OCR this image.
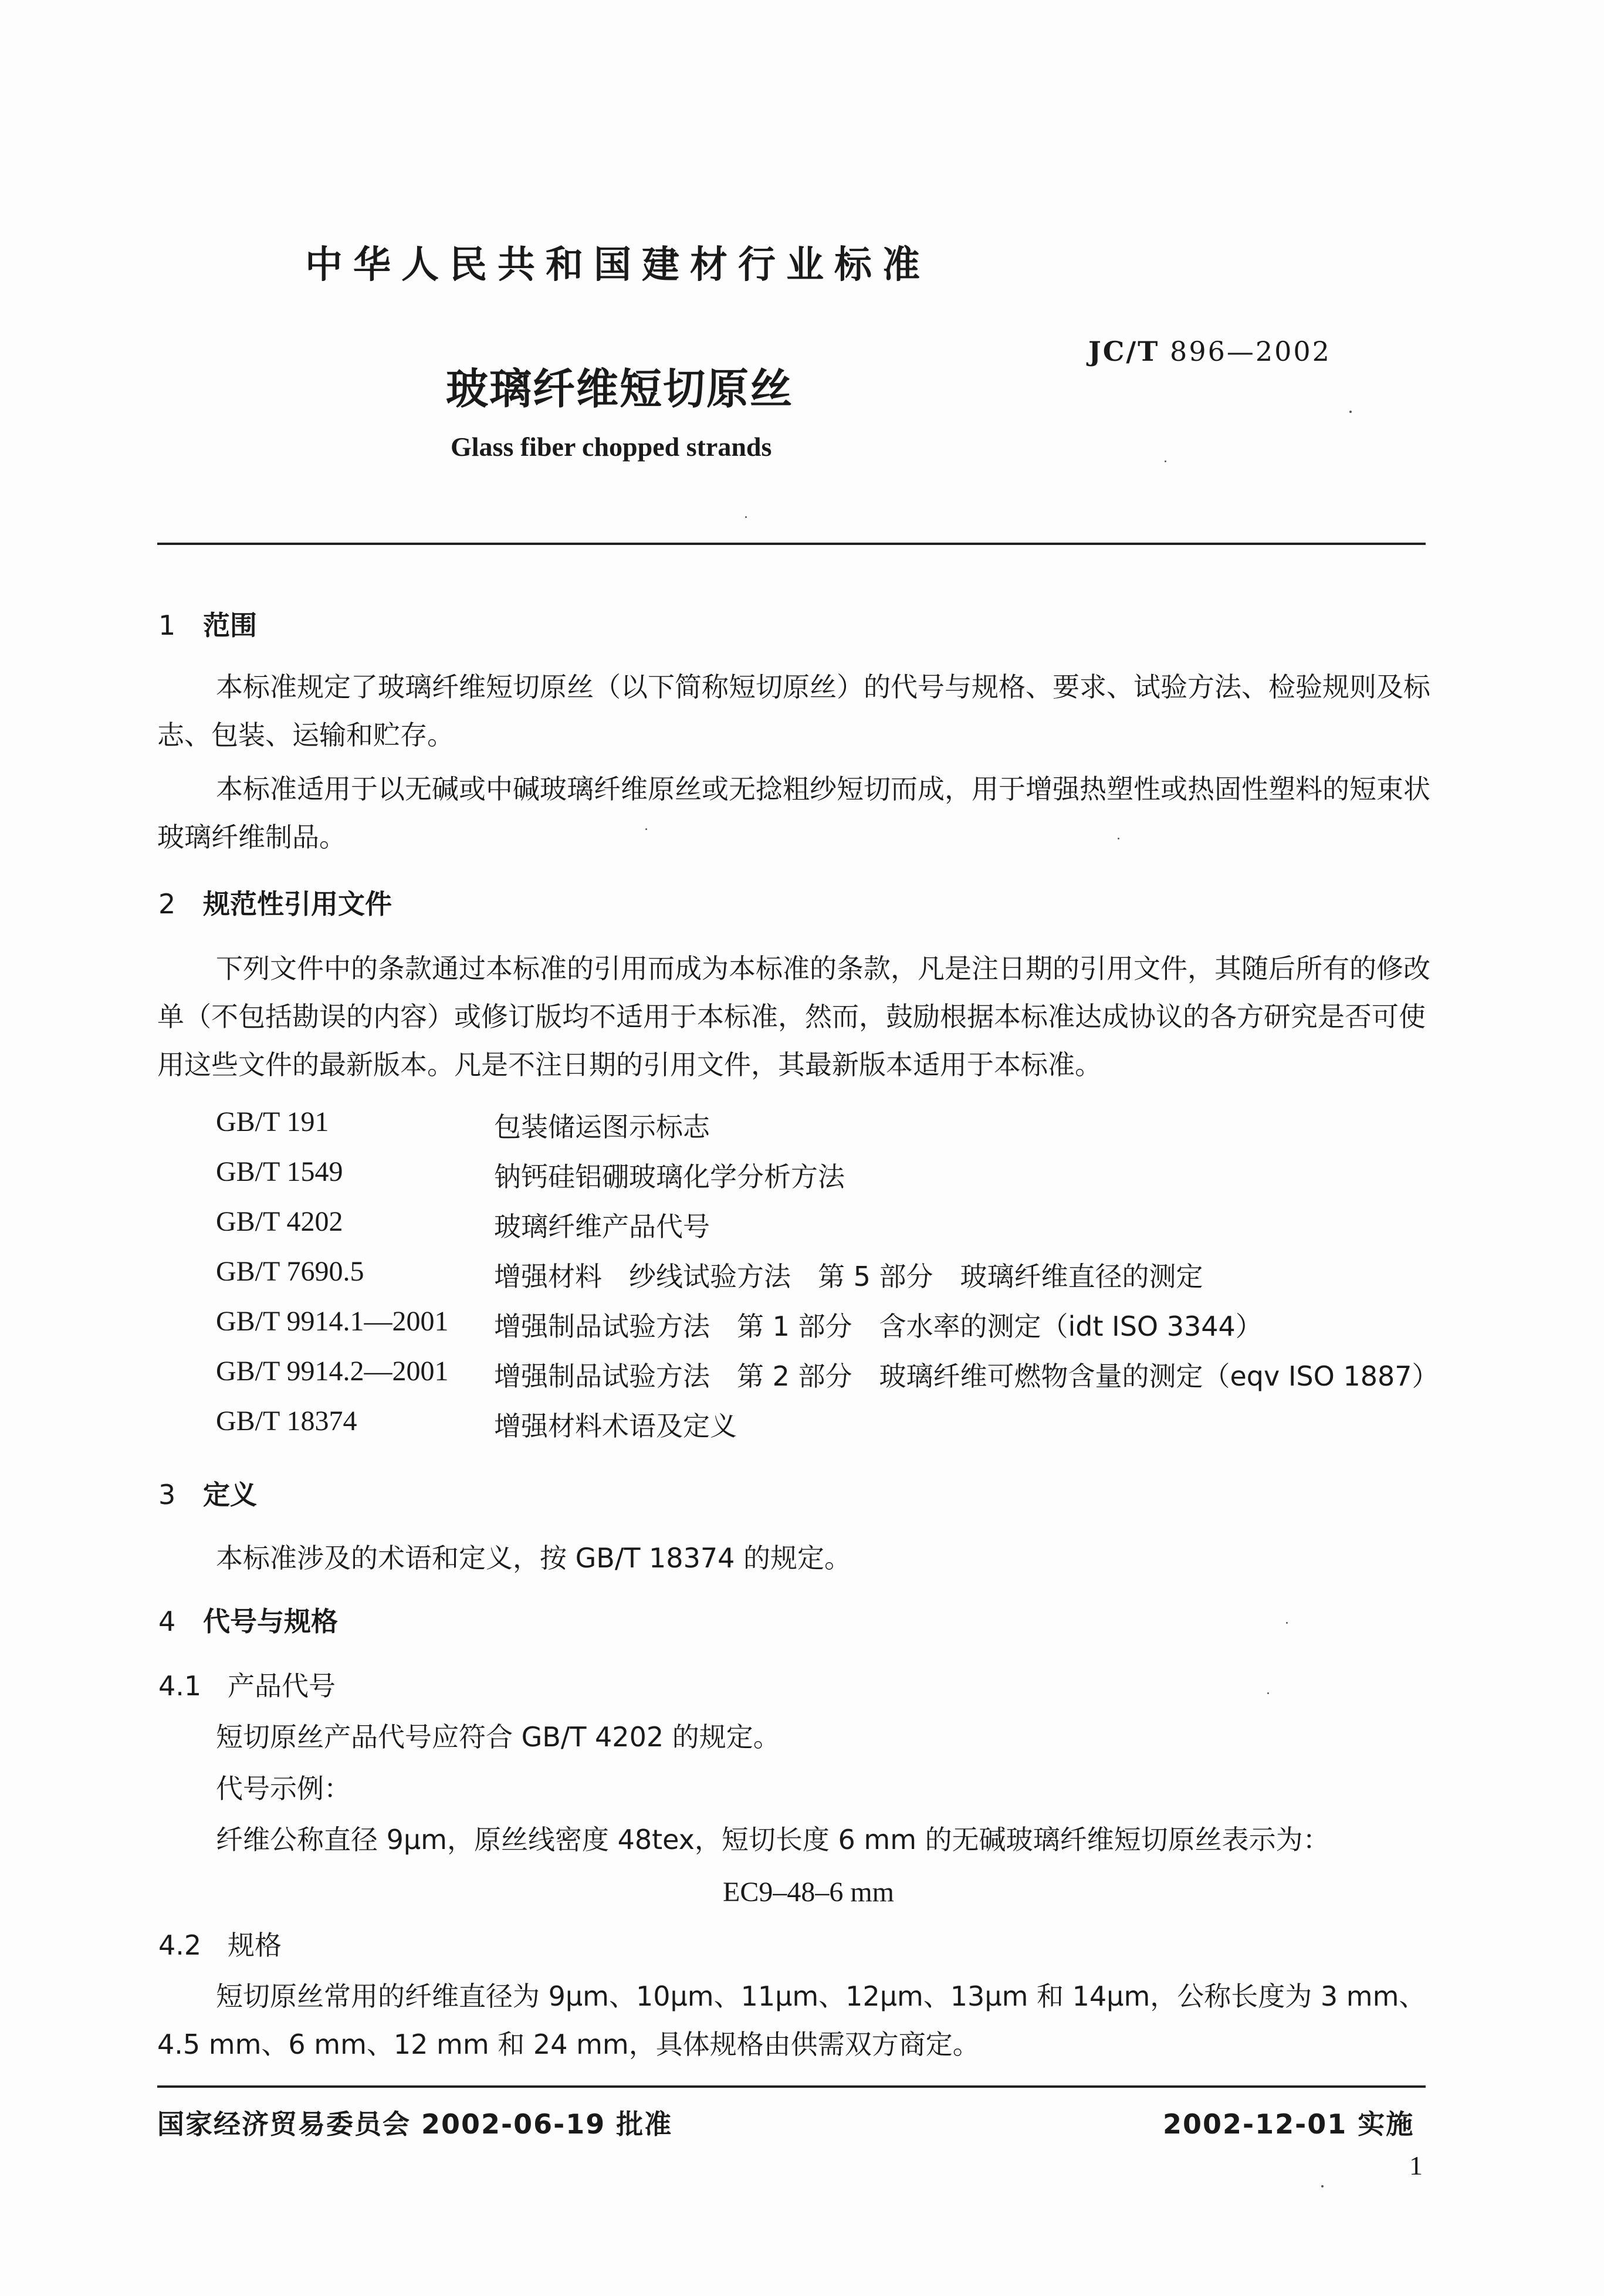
中华人民共和国建材行业标准
JC/T 896—2002
玻璃纤维短切原丝
Glass fiber chopped strands
1 范围
本标准规定了玻璃纤维短切原丝（以下简称短切原丝）的代号与规格、要求、试验方法、检验规则及标志、包装、运输和贮存。
本标准适用于以无碱或中碱玻璃纤维原丝或无捻粗纱短切而成，用于增强热塑性或热固性塑料的短束状玻璃纤维制品。
2 规范性引用文件
下列文件中的条款通过本标准的引用而成为本标准的条款，凡是注日期的引用文件，其随后所有的修改单（不包括勘误的内容）或修订版均不适用于本标准，然而，鼓励根据本标准达成协议的各方研究是否可使用这些文件的最新版本。凡是不注日期的引用文件，其最新版本适用于本标准。
GB/T 191	包装储运图示标志
GB/T 1549	钠钙硅铝硼玻璃化学分析方法
GB/T 4202	玻璃纤维产品代号
GB/T 7690.5	增强材料　纱线试验方法　第 5 部分　玻璃纤维直径的测定
GB/T 9914.1—2001 增强制品试验方法　第 1 部分　含水率的测定（idt ISO 3344）
GB/T 9914.2—2001 增强制品试验方法　第 2 部分　玻璃纤维可燃物含量的测定（eqv ISO 1887）
GB/T 18374	增强材料术语及定义
3 定义
本标准涉及的术语和定义，按 GB/T 18374 的规定。
4 代号与规格
4.1 产品代号
短切原丝产品代号应符合 GB/T 4202 的规定。
代号示例：
纤维公称直径 9µm，原丝线密度 48tex，短切长度 6 mm 的无碱玻璃纤维短切原丝表示为：
EC9–48–6 mm
4.2 规格
短切原丝常用的纤维直径为 9µm、10µm、11µm、12µm、13µm 和 14µm，公称长度为 3 mm、4.5 mm、6 mm、12 mm 和 24 mm，具体规格由供需双方商定。
国家经济贸易委员会 2002-06-19 批准	2002-12-01 实施
1
